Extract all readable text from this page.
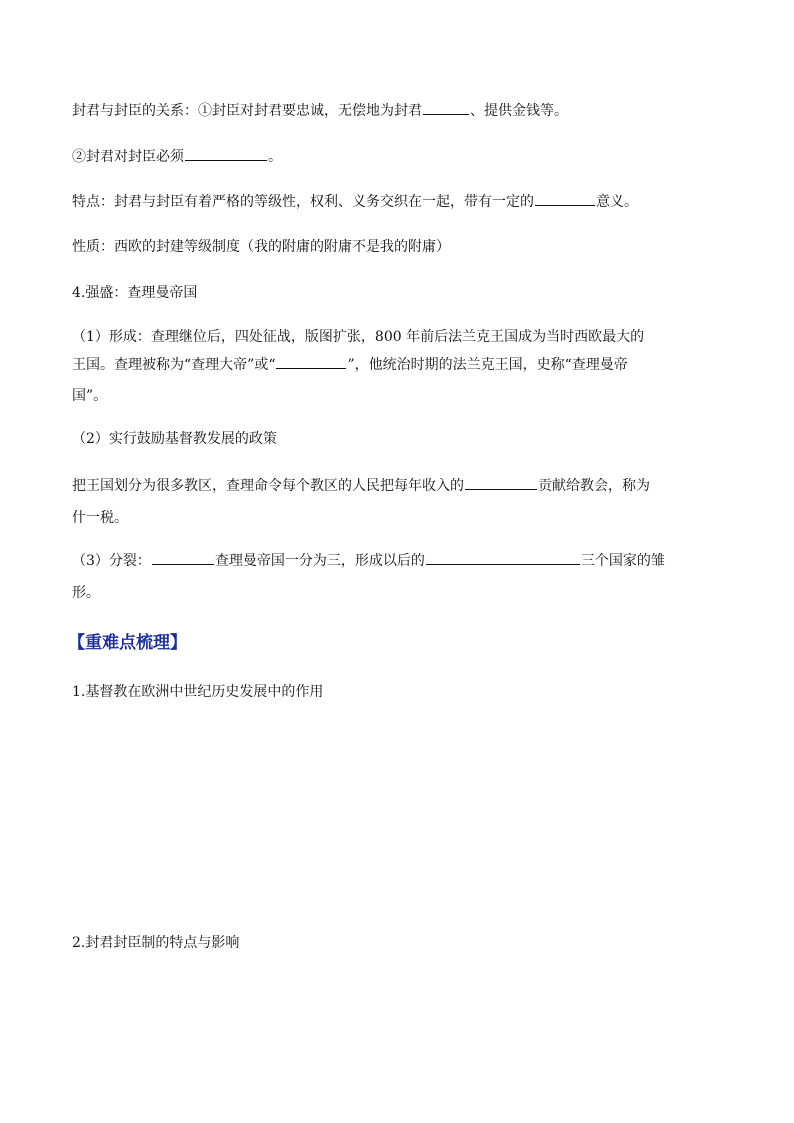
封君与封臣的关系：①封臣对封君要忠诚，无偿地为封君	、提供金钱等。
②封君对封臣必须	。
特点：封君与封臣有着严格的等级性，权利、义务交织在一起，带有一定的	意义。
性质：西欧的封建等级制度（我的附庸的附庸不是我的附庸）
4.强盛：查理曼帝国
（1）形成：查理继位后，四处征战，版图扩张，800 年前后法兰克王国成为当时西欧最大的
王国。查理被称为“查理大帝”或“	”，他统治时期的法兰克王国，史称“查理曼帝
国”。
（2）实行鼓励基督教发展的政策
把王国划分为很多教区，查理命令每个教区的人民把每年收入的	贡献给教会，称为
什一税。
（3）分裂：	查理曼帝国一分为三，形成以后的	三个国家的雏
形。
【重难点梳理】
1.基督教在欧洲中世纪历史发展中的作用
2.封君封臣制的特点与影响
